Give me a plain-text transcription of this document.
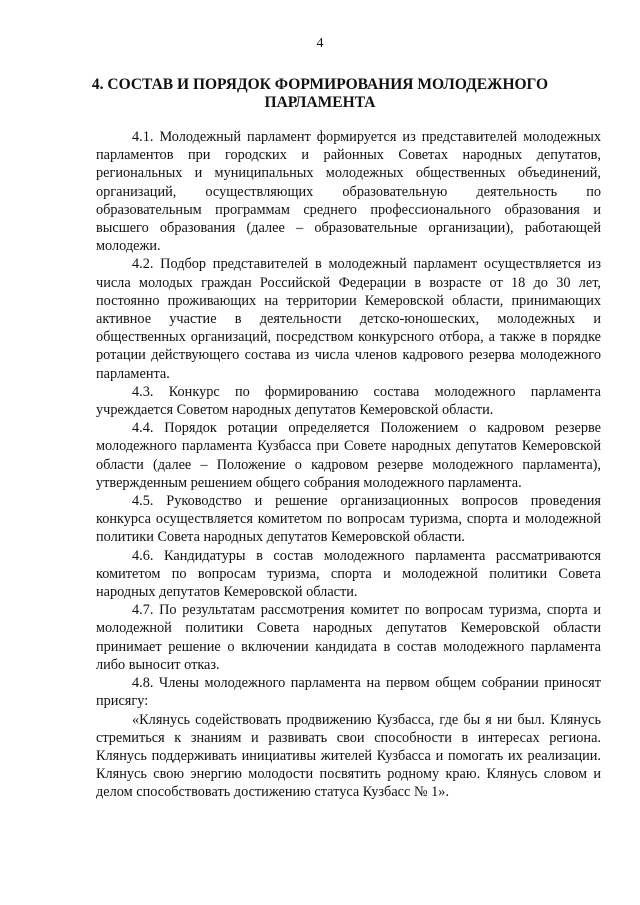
4
4. СОСТАВ И ПОРЯДОК ФОРМИРОВАНИЯ МОЛОДЕЖНОГО
ПАРЛАМЕНТА

4.1. Молодежный парламент формируется из представителей молодежных парламентов при городских и районных Советах народных депутатов, региональных и муниципальных молодежных общественных объединений, организаций, осуществляющих образовательную деятельность по образовательным программам среднего профессионального образования и высшего образования (далее – образовательные организации), работающей молодежи.

4.2. Подбор представителей в молодежный парламент осуществляется из числа молодых граждан Российской Федерации в возрасте от 18 до 30 лет, постоянно проживающих на территории Кемеровской области, принимающих активное участие в деятельности детско-юношеских, молодежных и общественных организаций, посредством конкурсного отбора, а также в порядке ротации действующего состава из числа членов кадрового резерва молодежного парламента.

4.3. Конкурс по формированию состава молодежного парламента учреждается Советом народных депутатов Кемеровской области.

4.4. Порядок ротации определяется Положением о кадровом резерве молодежного парламента Кузбасса при Совете народных депутатов Кемеровской области (далее – Положение о кадровом резерве молодежного парламента), утвержденным решением общего собрания молодежного парламента.

4.5. Руководство и решение организационных вопросов проведения конкурса осуществляется комитетом по вопросам туризма, спорта и молодежной политики Совета народных депутатов Кемеровской области.

4.6. Кандидатуры в состав молодежного парламента рассматриваются комитетом по вопросам туризма, спорта и молодежной политики Совета народных депутатов Кемеровской области.

4.7. По результатам рассмотрения комитет по вопросам туризма, спорта и молодежной политики Совета народных депутатов Кемеровской области принимает решение о включении кандидата в состав молодежного парламента либо выносит отказ.

4.8. Члены молодежного парламента на первом общем собрании приносят присягу:

«Клянусь содействовать продвижению Кузбасса, где бы я ни был. Клянусь стремиться к знаниям и развивать свои способности в интересах региона. Клянусь поддерживать инициативы жителей Кузбасса и помогать их реализации. Клянусь свою энергию молодости посвятить родному краю. Клянусь словом и делом способствовать достижению статуса Кузбасс № 1».
